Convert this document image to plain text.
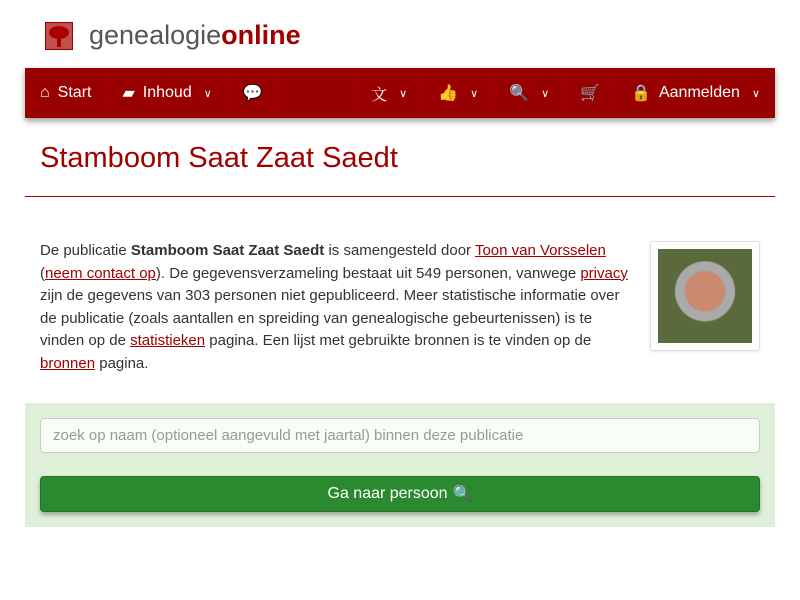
genealogieonline
⌂ Start ▰ Inhoud ∨ 💬	文 ∨ 👍 ∨ 🔍 ∨ 🛒 🔒 Aanmelden ∨
Stamboom Saat Zaat Saedt
De publicatie Stamboom Saat Zaat Saedt is samengesteld door Toon van Vorsselen (neem contact op). De gegevensverzameling bestaat uit 549 personen, vanwege privacy zijn de gegevens van 303 personen niet gepubliceerd. Meer statistische informatie over de publicatie (zoals aantallen en spreiding van genealogische gebeurtenissen) is te vinden op de statistieken pagina. Een lijst met gebruikte bronnen is te vinden op de bronnen pagina.
zoek op naam (optioneel aangevuld met jaartal) binnen deze publicatie
Ga naar persoon 🔍
